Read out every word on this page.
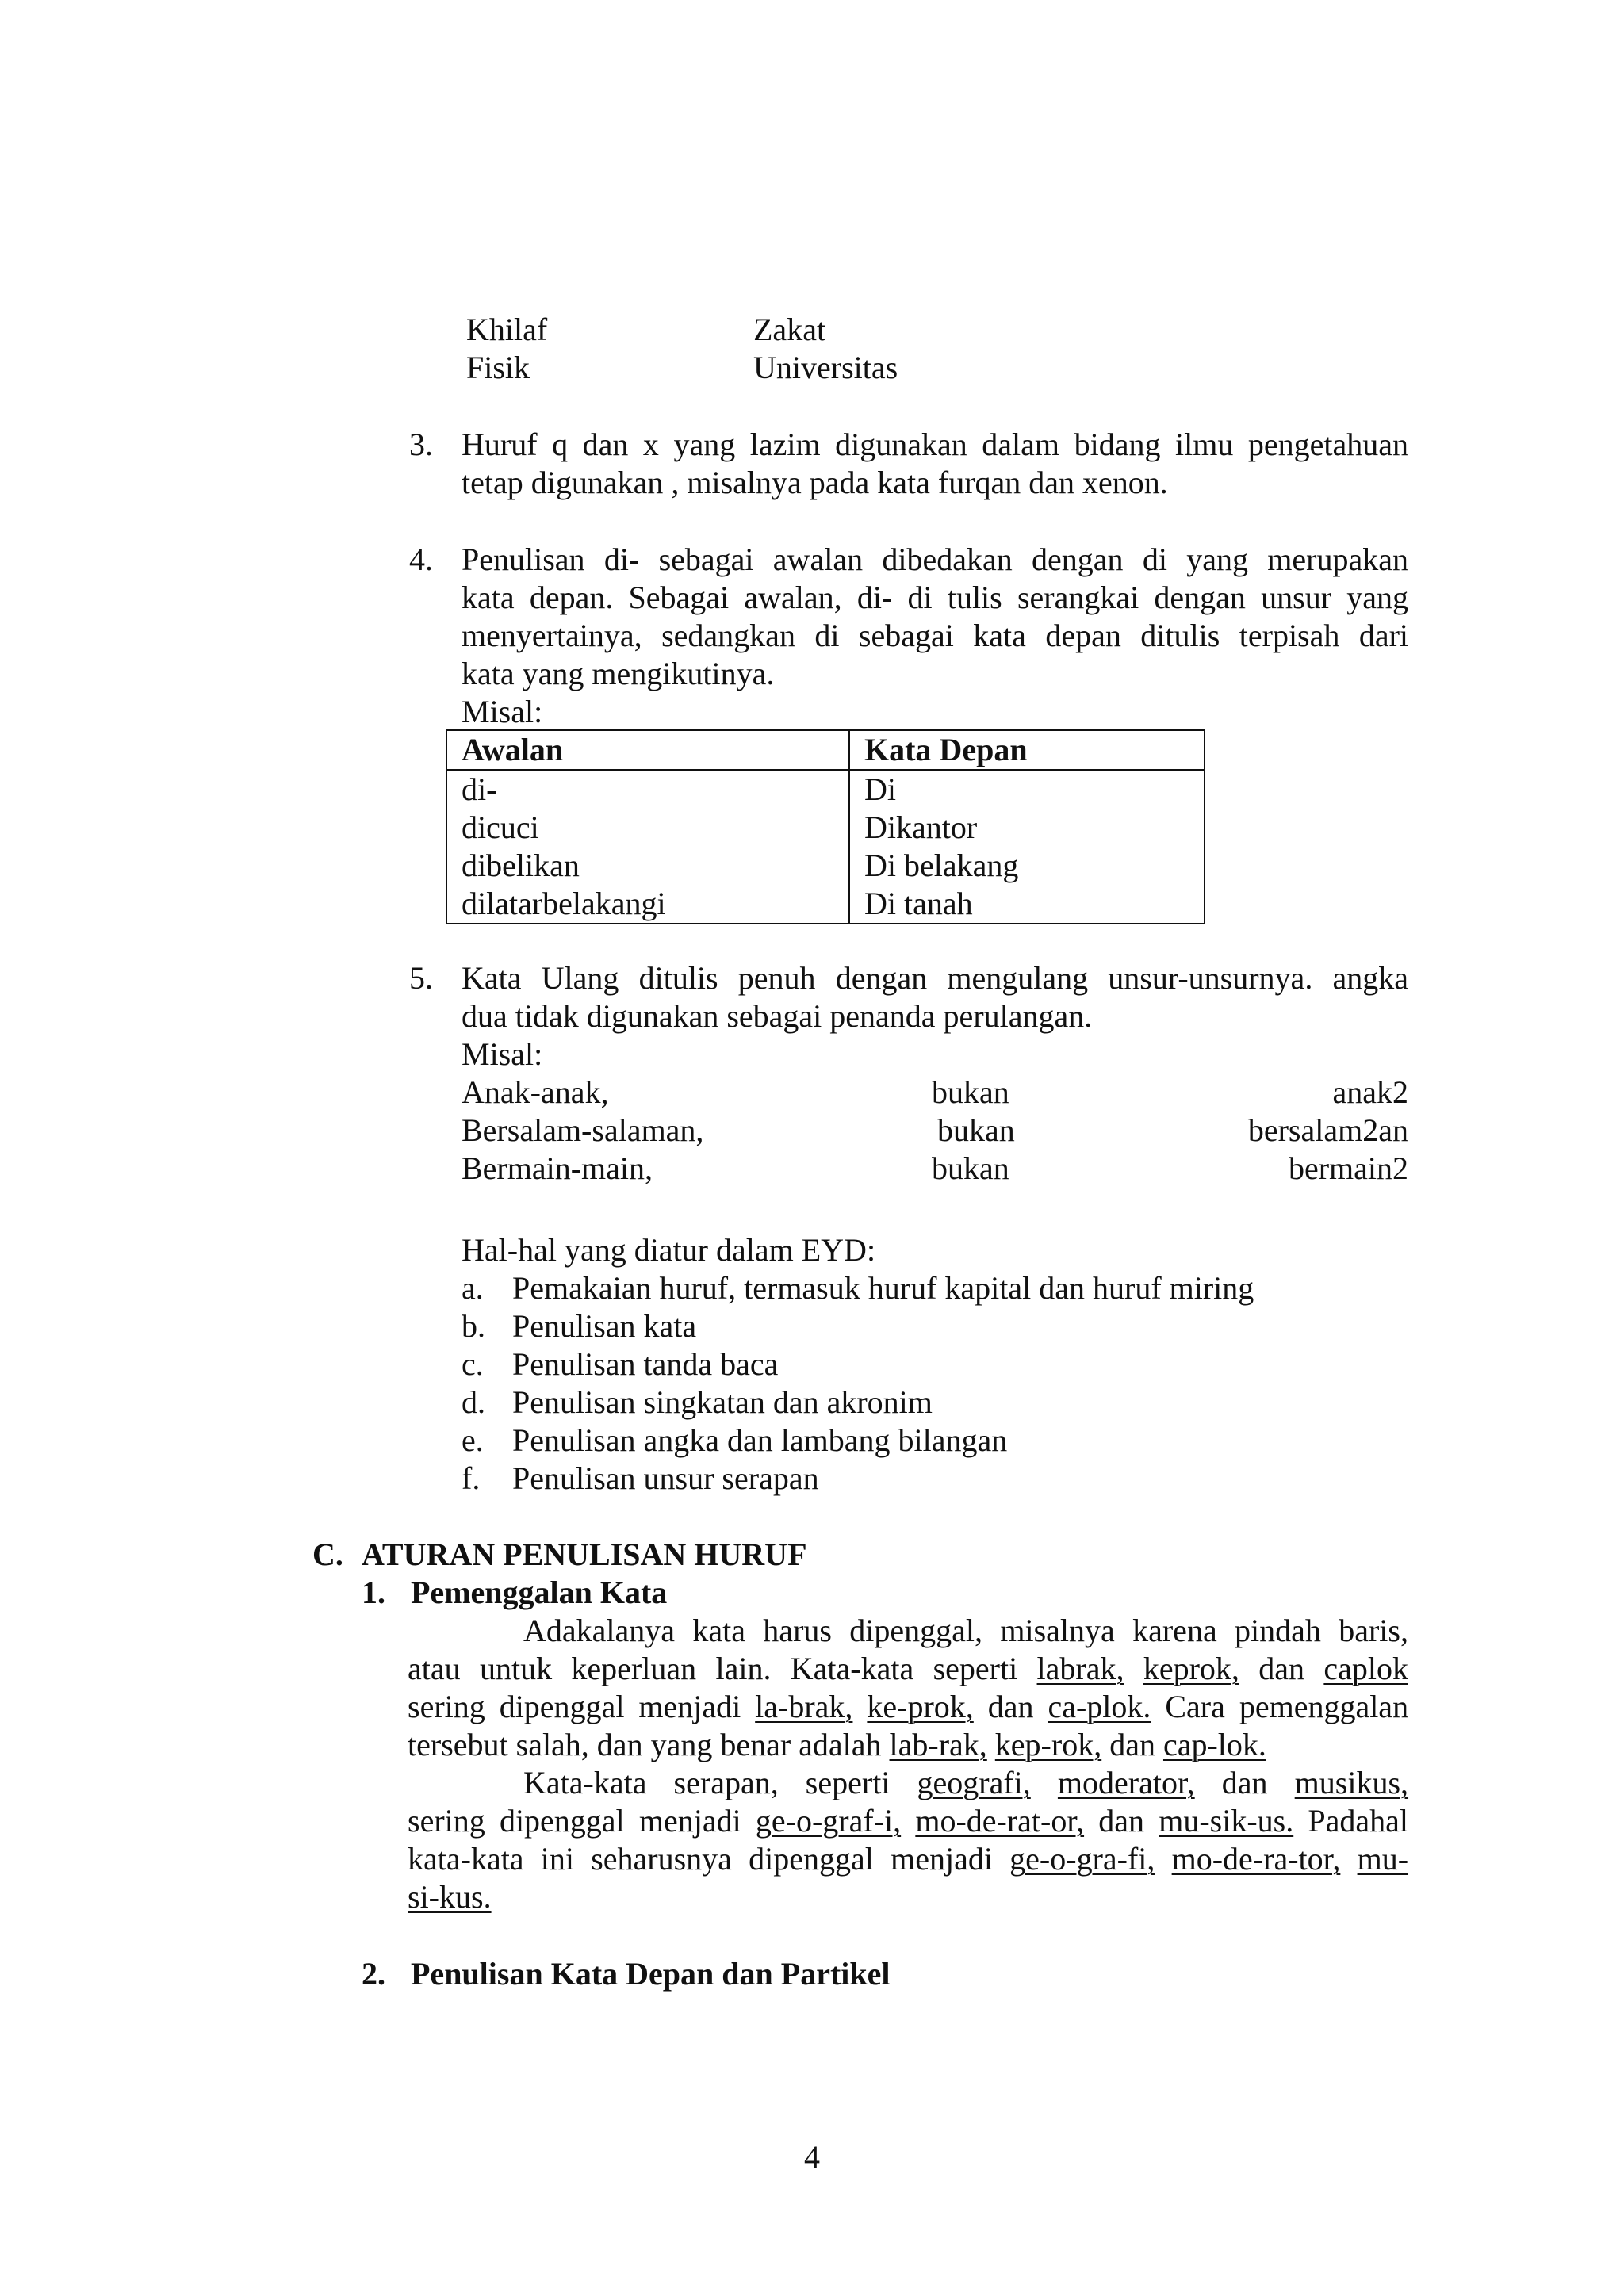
Khilaf	Zakat
Fisik	Universitas
3. Huruf q dan x yang lazim digunakan dalam bidang ilmu pengetahuan
tetap digunakan , misalnya pada kata furqan dan xenon.
4. Penulisan di- sebagai awalan dibedakan dengan di yang merupakan
kata depan. Sebagai awalan, di- di tulis serangkai dengan unsur yang
menyertainya, sedangkan di sebagai kata depan ditulis terpisah dari
kata yang mengikutinya.
Misal:
Awalan	Kata Depan
di-	Di
dicuci	Dikantor
dibelikan	Di belakang
dilatarbelakangi	Di tanah
5. Kata Ulang ditulis penuh dengan mengulang unsur-unsurnya. angka
dua tidak digunakan sebagai penanda perulangan.
Misal:
Anak-anak,	bukan	anak2
Bersalam-salaman,	bukan	bersalam2an
Bermain-main,	bukan	bermain2
Hal-hal yang diatur dalam EYD:
a. Pemakaian huruf, termasuk huruf kapital dan huruf miring
b. Penulisan kata
c. Penulisan tanda baca
d. Penulisan singkatan dan akronim
e. Penulisan angka dan lambang bilangan
f. Penulisan unsur serapan
C. ATURAN PENULISAN HURUF
1. Pemenggalan Kata
Adakalanya kata harus dipenggal, misalnya karena pindah baris,
atau untuk keperluan lain. Kata-kata seperti labrak, keprok, dan caplok
sering dipenggal menjadi la-brak, ke-prok, dan ca-plok. Cara pemenggalan
tersebut salah, dan yang benar adalah lab-rak, kep-rok, dan cap-lok.
Kata-kata serapan, seperti geografi, moderator, dan musikus,
sering dipenggal menjadi ge-o-graf-i, mo-de-rat-or, dan mu-sik-us. Padahal
kata-kata ini seharusnya dipenggal menjadi ge-o-gra-fi, mo-de-ra-tor, mu-
si-kus.
2. Penulisan Kata Depan dan Partikel
4
